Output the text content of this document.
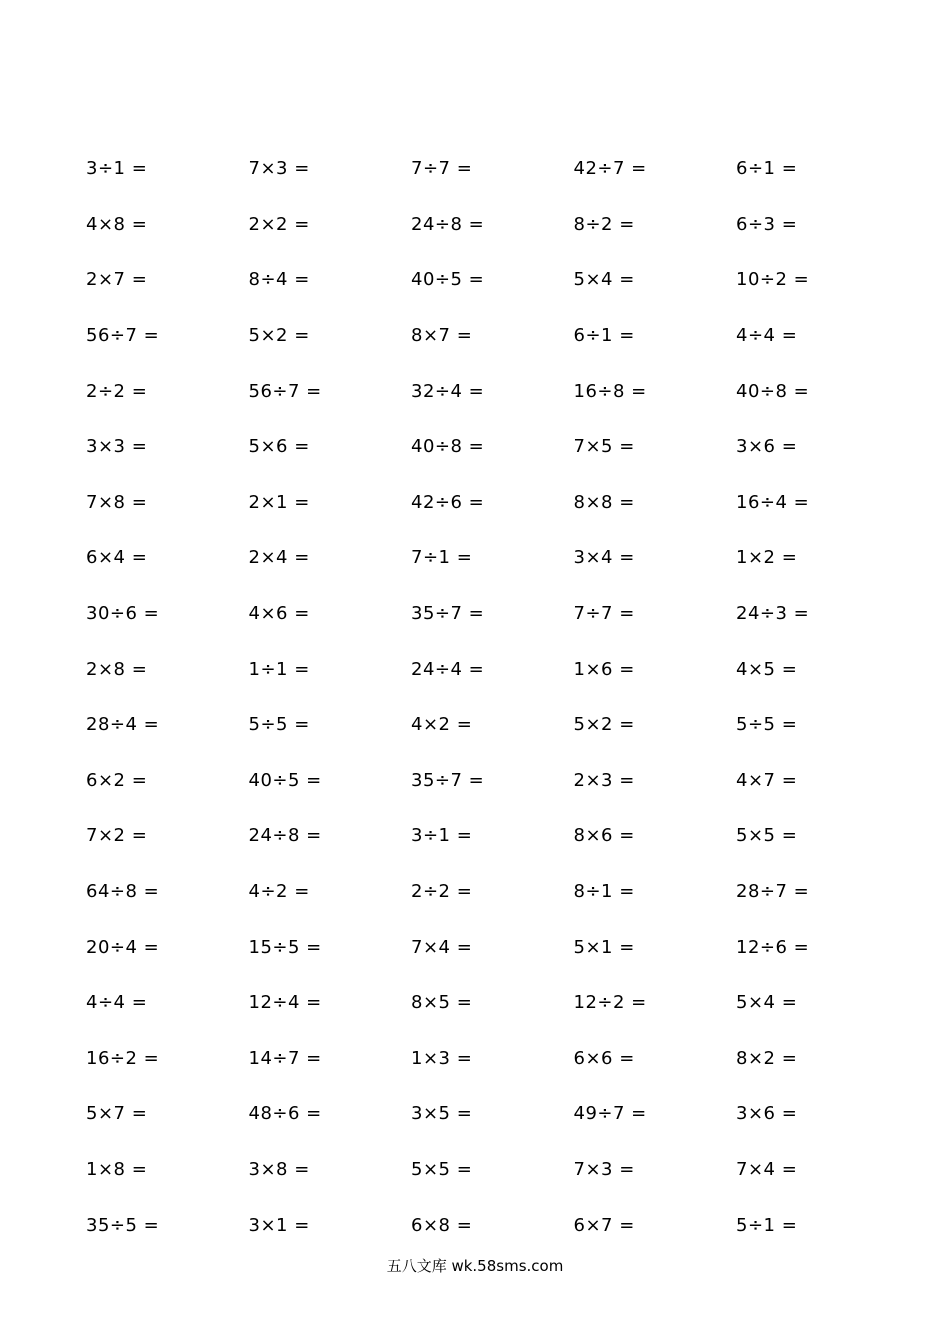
3÷1 =	7×3 =	7÷7 =	42÷7 =	6÷1 =
4×8 =	2×2 =	24÷8 =	8÷2 =	6÷3 =
2×7 =	8÷4 =	40÷5 =	5×4 =	10÷2 =
56÷7 =	5×2 =	8×7 =	6÷1 =	4÷4 =
2÷2 =	56÷7 =	32÷4 =	16÷8 =	40÷8 =
3×3 =	5×6 =	40÷8 =	7×5 =	3×6 =
7×8 =	2×1 =	42÷6 =	8×8 =	16÷4 =
6×4 =	2×4 =	7÷1 =	3×4 =	1×2 =
30÷6 =	4×6 =	35÷7 =	7÷7 =	24÷3 =
2×8 =	1÷1 =	24÷4 =	1×6 =	4×5 =
28÷4 =	5÷5 =	4×2 =	5×2 =	5÷5 =
6×2 =	40÷5 =	35÷7 =	2×3 =	4×7 =
7×2 =	24÷8 =	3÷1 =	8×6 =	5×5 =
64÷8 =	4÷2 =	2÷2 =	8÷1 =	28÷7 =
20÷4 =	15÷5 =	7×4 =	5×1 =	12÷6 =
4÷4 =	12÷4 =	8×5 =	12÷2 =	5×4 =
16÷2 =	14÷7 =	1×3 =	6×6 =	8×2 =
5×7 =	48÷6 =	3×5 =	49÷7 =	3×6 =
1×8 =	3×8 =	5×5 =	7×3 =	7×4 =
35÷5 =	3×1 =	6×8 =	6×7 =	5÷1 =
五八文库 wk.58sms.com
